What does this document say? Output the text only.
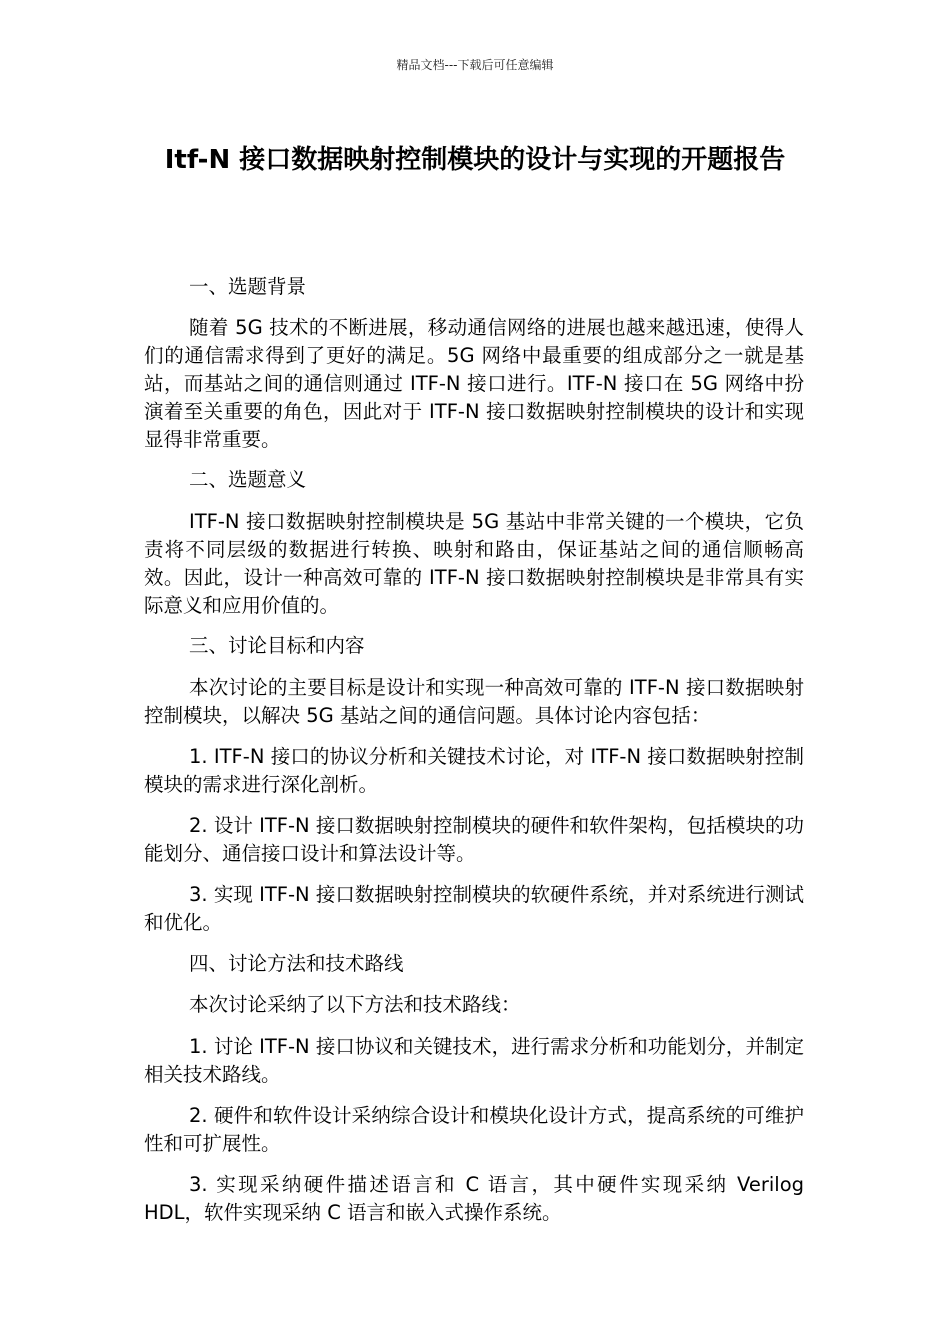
精品文档---下载后可任意编辑
Itf-N 接口数据映射控制模块的设计与实现的开题报告

一、选题背景

随着 5G 技术的不断进展，移动通信网络的进展也越来越迅速，使得人们的通信需求得到了更好的满足。5G 网络中最重要的组成部分之一就是基站，而基站之间的通信则通过 ITF-N 接口进行。ITF-N 接口在 5G 网络中扮演着至关重要的角色，因此对于 ITF-N 接口数据映射控制模块的设计和实现显得非常重要。

二、选题意义

ITF-N 接口数据映射控制模块是 5G 基站中非常关键的一个模块，它负责将不同层级的数据进行转换、映射和路由，保证基站之间的通信顺畅高效。因此，设计一种高效可靠的 ITF-N 接口数据映射控制模块是非常具有实际意义和应用价值的。

三、讨论目标和内容

本次讨论的主要目标是设计和实现一种高效可靠的 ITF-N 接口数据映射控制模块，以解决 5G 基站之间的通信问题。具体讨论内容包括：

1. ITF-N 接口的协议分析和关键技术讨论，对 ITF-N 接口数据映射控制模块的需求进行深化剖析。

2. 设计 ITF-N 接口数据映射控制模块的硬件和软件架构，包括模块的功能划分、通信接口设计和算法设计等。

3. 实现 ITF-N 接口数据映射控制模块的软硬件系统，并对系统进行测试和优化。

四、讨论方法和技术路线

本次讨论采纳了以下方法和技术路线：

1. 讨论 ITF-N 接口协议和关键技术，进行需求分析和功能划分，并制定相关技术路线。

2. 硬件和软件设计采纳综合设计和模块化设计方式，提高系统的可维护性和可扩展性。

3. 实现采纳硬件描述语言和 C 语言，其中硬件实现采纳 Verilog HDL，软件实现采纳 C 语言和嵌入式操作系统。
